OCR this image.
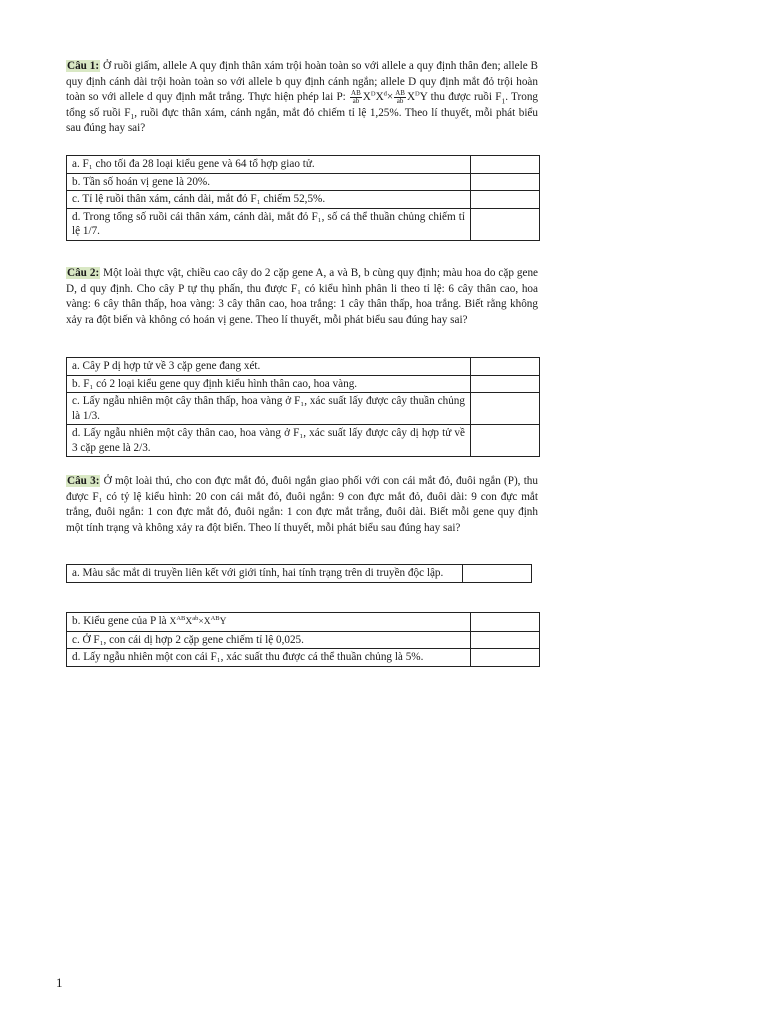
Câu 1: Ở ruồi giấm, allele A quy định thân xám trội hoàn toàn so với allele a quy định thân đen; allele B quy định cánh dài trội hoàn toàn so với allele b quy định cánh ngắn; allele D quy định mắt đỏ trội hoàn toàn so với allele d quy định mắt trắng. Thực hiện phép lai P: $\frac{AB}{ab} X^DX^d\times \frac{AB}{ab} X^DY$ thu được ruồi $F_1$. Trong tổng số ruồi $F_1$, ruồi đực thân xám, cánh ngắn, mắt đỏ chiếm tỉ lệ 1,25%. Theo lí thuyết, mỗi phát biểu sau đúng hay sai?
a. F₁ cho tối đa 28 loại kiểu gene và 64 tổ hợp giao tử.	
b. Tần số hoán vị gene là 20%.	
c. Tỉ lệ ruồi thân xám, cánh dài, mắt đỏ F₁ chiếm 52,5%.	
d. Trong tổng số ruồi cái thân xám, cánh dài, mắt đỏ F₁, số cá thể thuần chủng chiếm tỉ lệ 1/7.	
Câu 2: Một loài thực vật, chiều cao cây do 2 cặp gene A, a và B, b cùng quy định; màu hoa do cặp gene D, d quy định. Cho cây P tự thụ phấn, thu được F₁ có kiểu hình phân li theo tỉ lệ: 6 cây thân cao, hoa vàng: 6 cây thân thấp, hoa vàng: 3 cây thân cao, hoa trắng: 1 cây thân thấp, hoa trắng. Biết rằng không xảy ra đột biến và không có hoán vị gene. Theo lí thuyết, mỗi phát biểu sau đúng hay sai?
a. Cây P dị hợp tử về 3 cặp gene đang xét.	
b. F₁ có 2 loại kiểu gene quy định kiểu hình thân cao, hoa vàng.	
c. Lấy ngẫu nhiên một cây thân thấp, hoa vàng ở F₁, xác suất lấy được cây thuần chủng là 1/3.	
d. Lấy ngẫu nhiên một cây thân cao, hoa vàng ở F₁, xác suất lấy được cây dị hợp tử về 3 cặp gene là 2/3.	
Câu 3: Ở một loài thú, cho con đực mắt đỏ, đuôi ngắn giao phối với con cái mắt đỏ, đuôi ngắn (P), thu được F₁ có tỷ lệ kiểu hình: 20 con cái mắt đỏ, đuôi ngắn: 9 con đực mắt đỏ, đuôi dài: 9 con đực mắt trắng, đuôi ngắn: 1 con đực mắt đỏ, đuôi ngắn: 1 con đực mắt trắng, đuôi dài. Biết mỗi gene quy định một tính trạng và không xảy ra đột biến. Theo lí thuyết, mỗi phát biểu sau đúng hay sai?
a. Màu sắc mắt di truyền liên kết với giới tính, hai tính trạng trên di truyền độc lập.	
b. Kiểu gene của P là $X^{AB}X^{ab}\times X^{AB}Y$	
c. Ở F₁, con cái dị hợp 2 cặp gene chiếm tỉ lệ 0,025.	
d. Lấy ngẫu nhiên một con cái F₁, xác suất thu được cá thể thuần chủng là 5%.	
1
